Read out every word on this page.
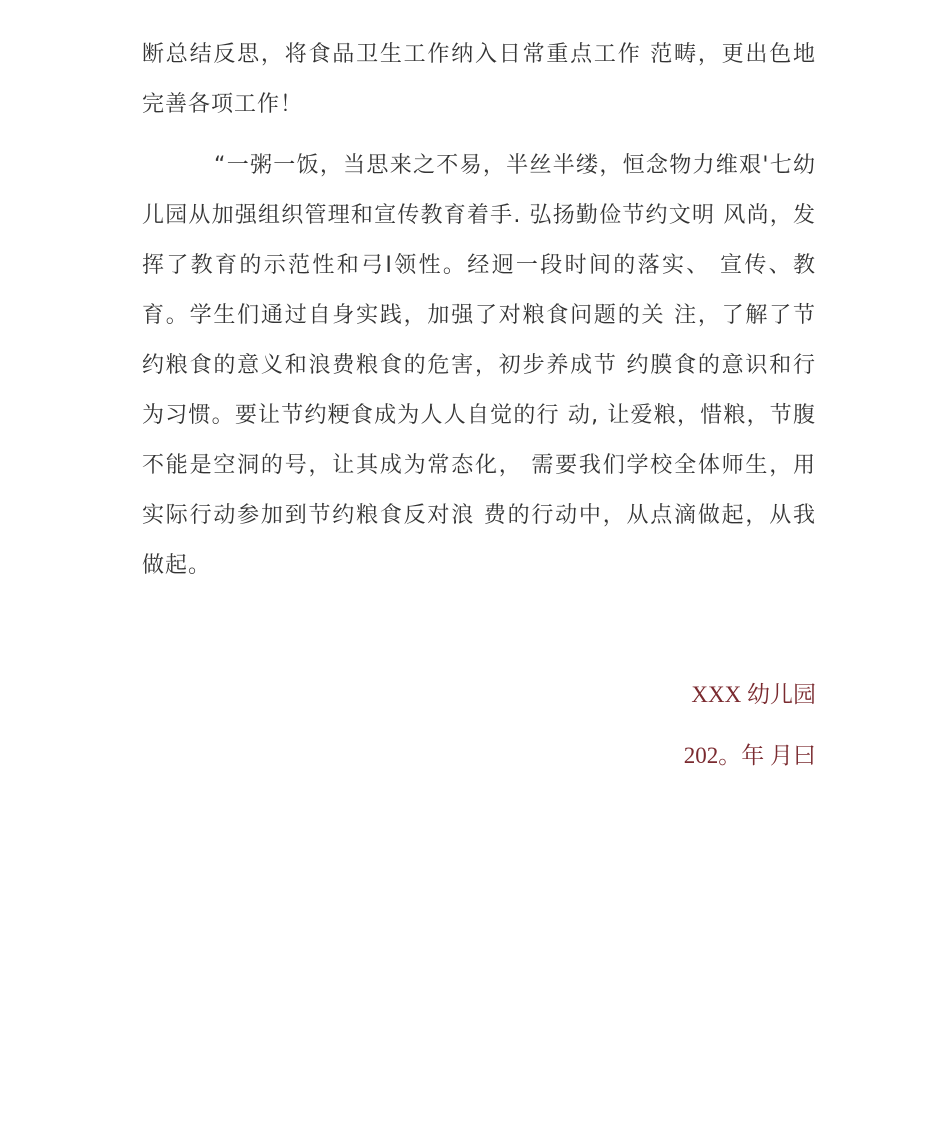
断总结反思，将食品卫生工作纳入日常重点工作 范畴，更出色地完善各项工作！

“一粥一饭，当思来之不易，半丝半缕，恒念物力维艰'七幼儿园从加强组织管理和宣传教育着手. 弘扬勤俭节约文明 风尚，发挥了教育的示范性和弓I领性。经迥一段时间的落实、 宣传、教育。学生们通过自身实践，加强了对粮食问题的关 注，了解了节约粮食的意义和浪费粮食的危害，初步养成节 约膜食的意识和行为习惯。要让节约粳食成为人人自觉的行 动, 让爱粮，惜粮，节腹不能是空洞的号，让其成为常态化， 需要我们学校全体师生，用实际行动参加到节约粮食反对浪 费的行动中，从点滴做起，从我做起。

XXX 幼儿园

202。年 月曰
